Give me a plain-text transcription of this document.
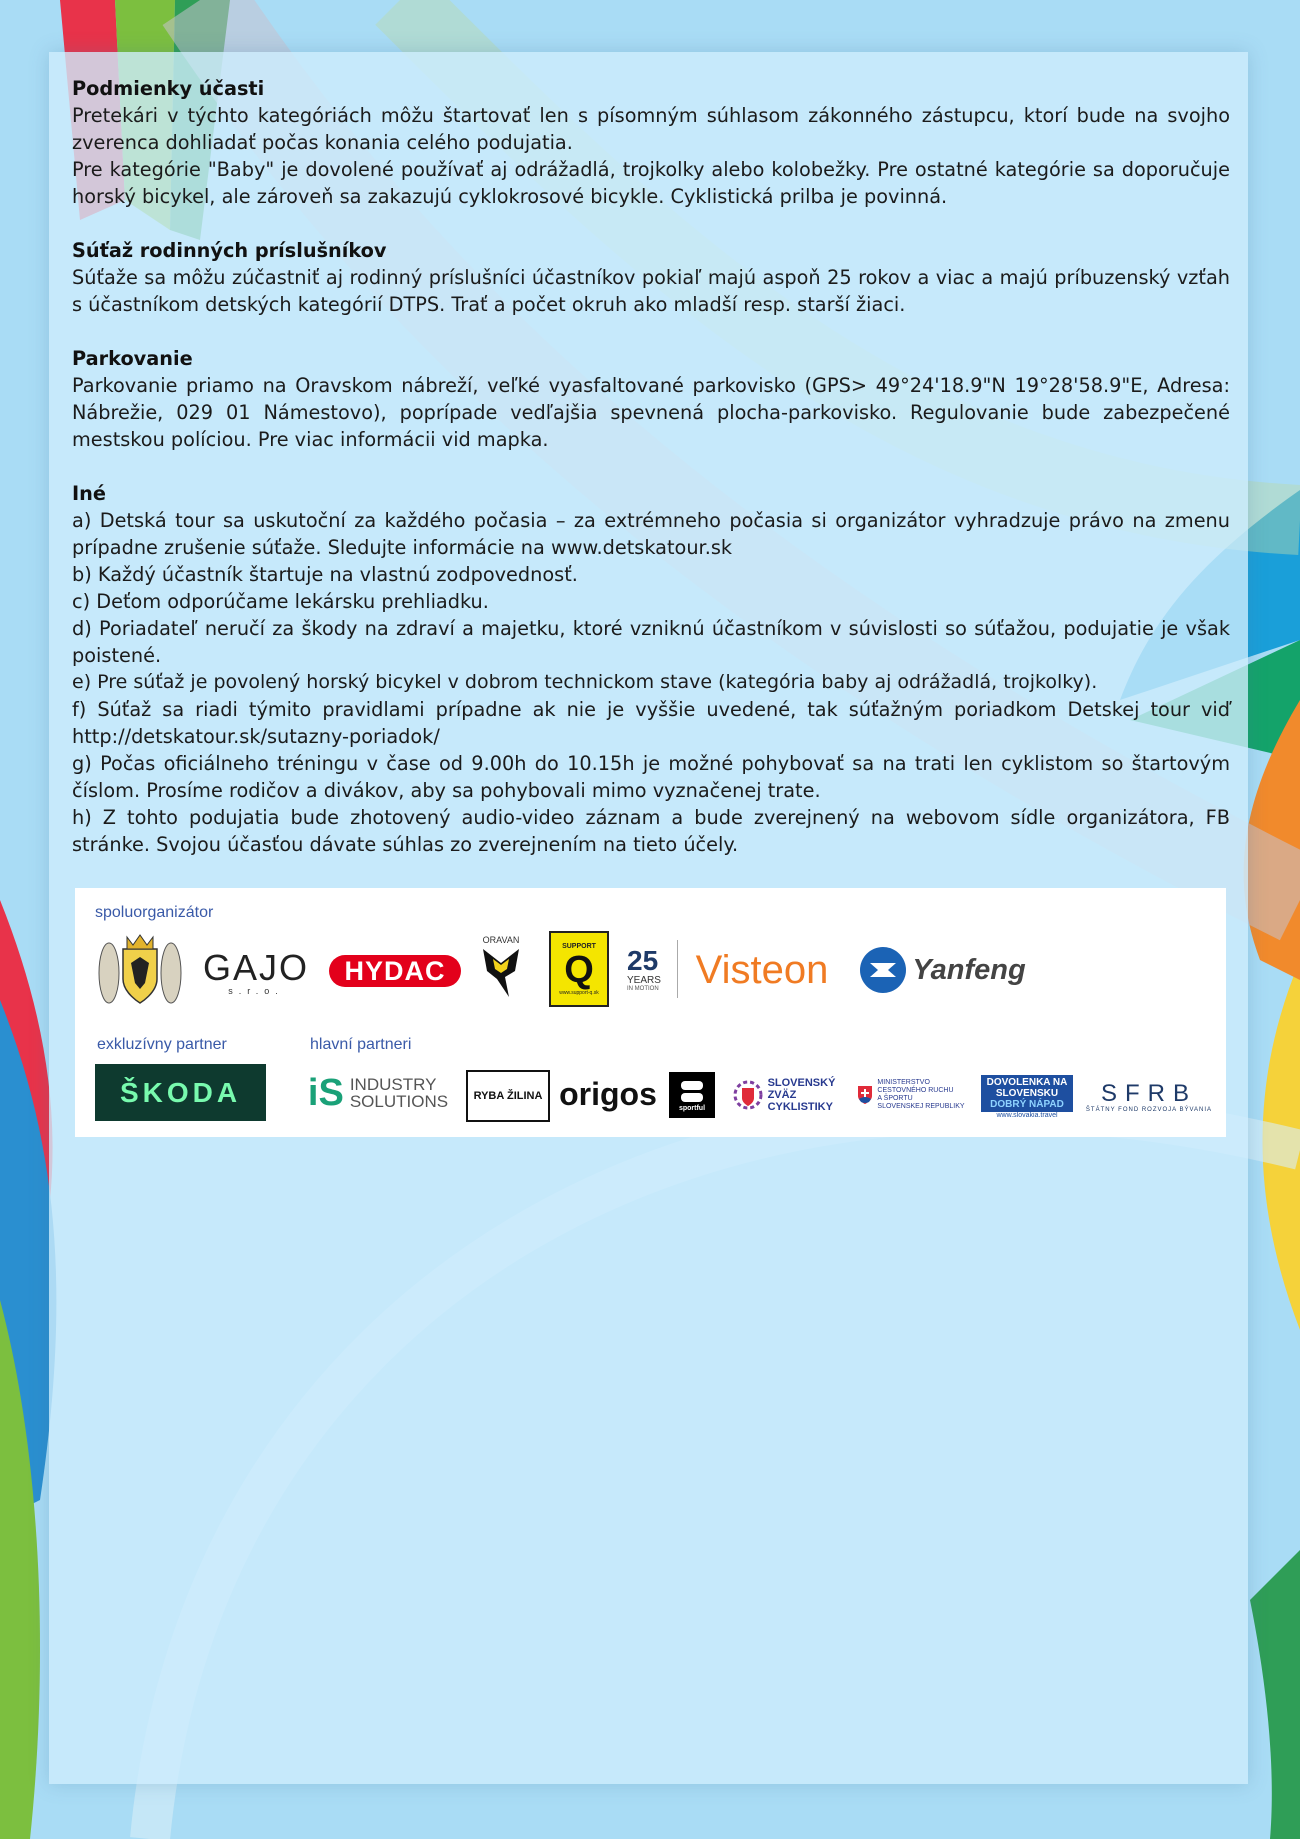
Podmienky účasti

Pretekári v týchto kategóriách môžu štartovať len s písomným súhlasom zákonného zástupcu, ktorí bude na svojho zverenca dohliadať počas konania celého podujatia.

Pre kategórie "Baby" je dovolené používať aj odrážadlá, trojkolky alebo kolobežky. Pre ostatné kategórie sa doporučuje horský bicykel, ale zároveň sa zakazujú cyklokrosové bicykle. Cyklistická prilba je povinná.

Súťaž rodinných príslušníkov

Súťaže sa môžu zúčastniť aj rodinný príslušníci účastníkov pokiaľ majú aspoň 25 rokov a viac a majú príbuzenský vzťah s účastníkom detských kategórií DTPS. Trať a počet okruh ako mladší resp. starší žiaci.

Parkovanie

Parkovanie priamo na Oravskom nábreží, veľké vyasfaltované parkovisko (GPS> 49°24'18.9"N 19°28'58.9"E, Adresa: Nábrežie, 029 01 Námestovo), poprípade vedľajšia spevnená plocha-parkovisko. Regulovanie bude zabezpečené mestskou políciou. Pre viac informácii vid mapka.

Iné

a) Detská tour sa uskutoční za každého počasia – za extrémneho počasia si organizátor vyhradzuje právo na zmenu prípadne zrušenie súťaže. Sledujte informácie na www.detskatour.sk

b) Každý účastník štartuje na vlastnú zodpovednosť.

c) Deťom odporúčame lekársku prehliadku.

d) Poriadateľ neručí za škody na zdraví a majetku, ktoré vzniknú účastníkom v súvislosti so súťažou, podujatie je však poistené.

e) Pre súťaž je povolený horský bicykel v dobrom technickom stave (kategória baby aj odrážadlá, trojkolky).

f) Súťaž sa riadi týmito pravidlami prípadne ak nie je vyššie uvedené, tak súťažným poriadkom Detskej tour viď http://detskatour.sk/sutazny-poriadok/

g) Počas oficiálneho tréningu v čase od 9.00h do 10.15h je možné pohybovať sa na trati len cyklistom so štartovým číslom. Prosíme rodičov a divákov, aby sa pohybovali mimo vyznačenej trate.

h) Z tohto podujatia bude zhotovený audio-video záznam a bude zverejnený na webovom sídle organizátora, FB stránke. Svojou účasťou dávate súhlas zo zverejnením na tieto účely.

spoluorganizátor
GAJO
s.r.o.
HYDAC
ORAVAN
SUPPORT
Q
www.support-q.sk
25
YEARS
IN MOTION Visteon	Yanfeng
exkluzívny partner	hlavní partneri
ŠKODA iS INDUSTRY
SOLUTIONS RYBA ŽILINA origos	sportful
SLOVENSKÝ
ZVÄZ
CYKLISTIKY
MINISTERSTVO
CESTOVNÉHO RUCHU
A ŠPORTU
SLOVENSKEJ REPUBLIKY
DOVOLENKA NA
SLOVENSKU
DOBRÝ NÁPAD
www.slovakia.travel
SFRB
ŠTÁTNY FOND ROZVOJA BÝVANIA
